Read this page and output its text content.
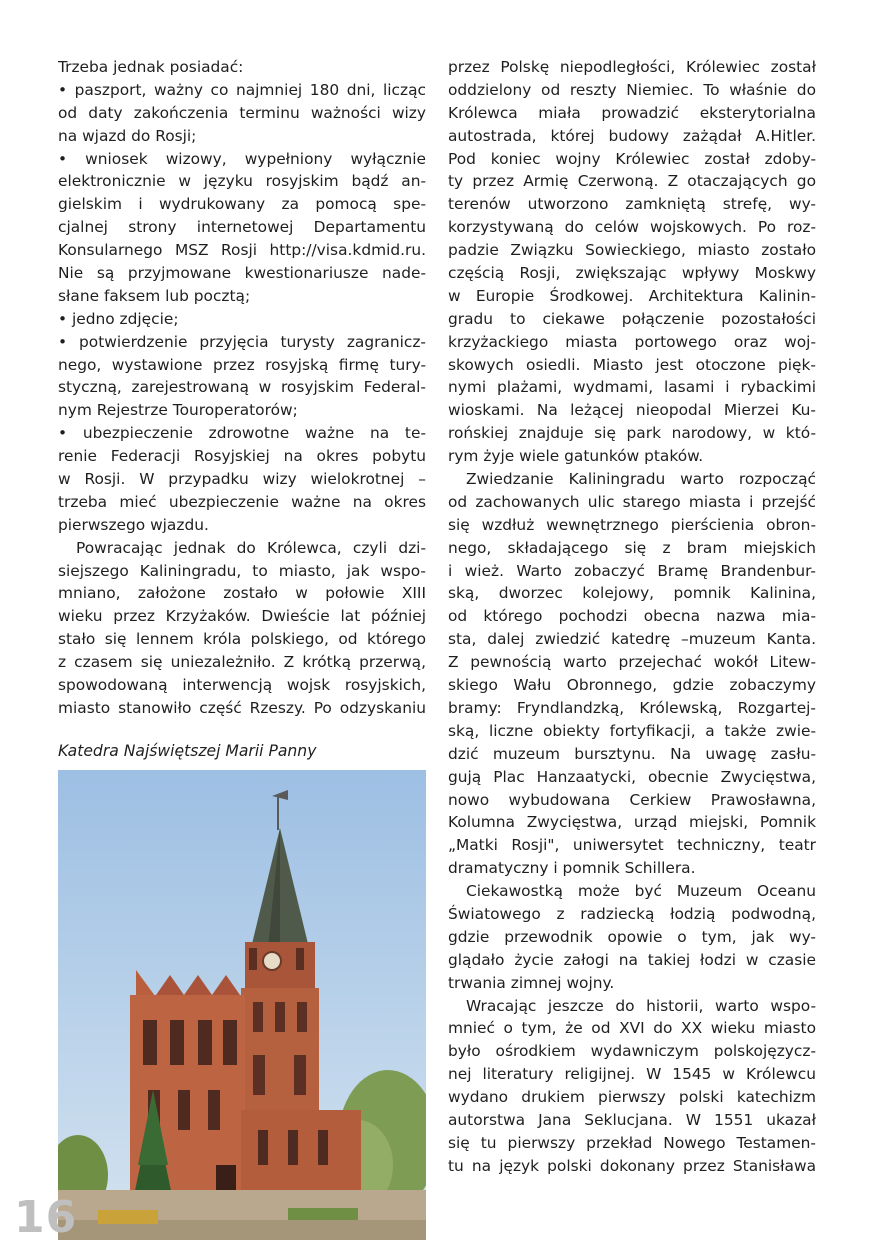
Trzeba jednak posiadać:
• paszport, ważny co najmniej 180 dni, licząc
od daty zakończenia terminu ważności wizy
na wjazd do Rosji;
• wniosek wizowy, wypełniony wyłącznie
elektronicznie w języku rosyjskim bądź an-
gielskim i wydrukowany za pomocą spe-
cjalnej strony internetowej Departamentu
Konsularnego MSZ Rosji http://visa.kdmid.ru.
Nie są przyjmowane kwestionariusze nade-
słane faksem lub pocztą;
• jedno zdjęcie;
• potwierdzenie przyjęcia turysty zagranicz-
nego, wystawione przez rosyjską firmę tury-
styczną, zarejestrowaną w rosyjskim Federal-
nym Rejestrze Touroperatorów;
• ubezpieczenie zdrowotne ważne na te-
renie Federacji Rosyjskiej na okres pobytu
w Rosji. W przypadku wizy wielokrotnej –
trzeba mieć ubezpieczenie ważne na okres
pierwszego wjazdu.
Powracając jednak do Królewca, czyli dzi-
siejszego Kaliningradu, to miasto, jak wspo-
mniano, założone zostało w połowie XIII
wieku przez Krzyżaków. Dwieście lat później
stało się lennem króla polskiego, od którego
z czasem się uniezależniło. Z krótką przerwą,
spowodowaną interwencją wojsk rosyjskich,
miasto stanowiło część Rzeszy. Po odzyskaniu
przez Polskę niepodległości, Królewiec został
oddzielony od reszty Niemiec. To właśnie do
Królewca miała prowadzić eksterytorialna
autostrada, której budowy zażądał A.Hitler.
Pod koniec wojny Królewiec został zdoby-
ty przez Armię Czerwoną. Z otaczających go
terenów utworzono zamkniętą strefę, wy-
korzystywaną do celów wojskowych. Po roz-
padzie Związku Sowieckiego, miasto zostało
częścią Rosji, zwiększając wpływy Moskwy
w Europie Środkowej. Architektura Kalinin-
gradu to ciekawe połączenie pozostałości
krzyżackiego miasta portowego oraz woj-
skowych osiedli. Miasto jest otoczone pięk-
nymi plażami, wydmami, lasami i rybackimi
wioskami. Na leżącej nieopodal Mierzei Ku-
rońskiej znajduje się park narodowy, w któ-
rym żyje wiele gatunków ptaków.
Zwiedzanie Kaliningradu warto rozpocząć
od zachowanych ulic starego miasta i przejść
się wzdłuż wewnętrznego pierścienia obron-
nego, składającego się z bram miejskich
i wież. Warto zobaczyć Bramę Brandenbur-
ską, dworzec kolejowy, pomnik Kalinina,
od którego pochodzi obecna nazwa mia-
sta, dalej zwiedzić katedrę –muzeum Kanta.
Z pewnością warto przejechać wokół Litew-
skiego Wału Obronnego, gdzie zobaczymy
bramy: Fryndlandzką, Królewską, Rozgartej-
ską, liczne obiekty fortyfikacji, a także zwie-
dzić muzeum bursztynu. Na uwagę zasłu-
gują Plac Hanzaatycki, obecnie Zwycięstwa,
nowo wybudowana Cerkiew Prawosławna,
Kolumna Zwycięstwa, urząd miejski, Pomnik
„Matki Rosji", uniwersytet techniczny, teatr
dramatyczny i pomnik Schillera.
Ciekawostką może być Muzeum Oceanu
Światowego z radziecką łodzią podwodną,
gdzie przewodnik opowie o tym, jak wy-
glądało życie załogi na takiej łodzi w czasie
trwania zimnej wojny.
Wracając jeszcze do historii, warto wspo-
mnieć o tym, że od XVI do XX wieku miasto
było ośrodkiem wydawniczym polskojęzycz-
nej literatury religijnej. W 1545 w Królewcu
wydano drukiem pierwszy polski katechizm
autorstwa Jana Seklucjana. W 1551 ukazał
się tu pierwszy przekład Nowego Testamen-
tu na język polski dokonany przez Stanisława
Katedra Najświętszej Marii Panny
16
